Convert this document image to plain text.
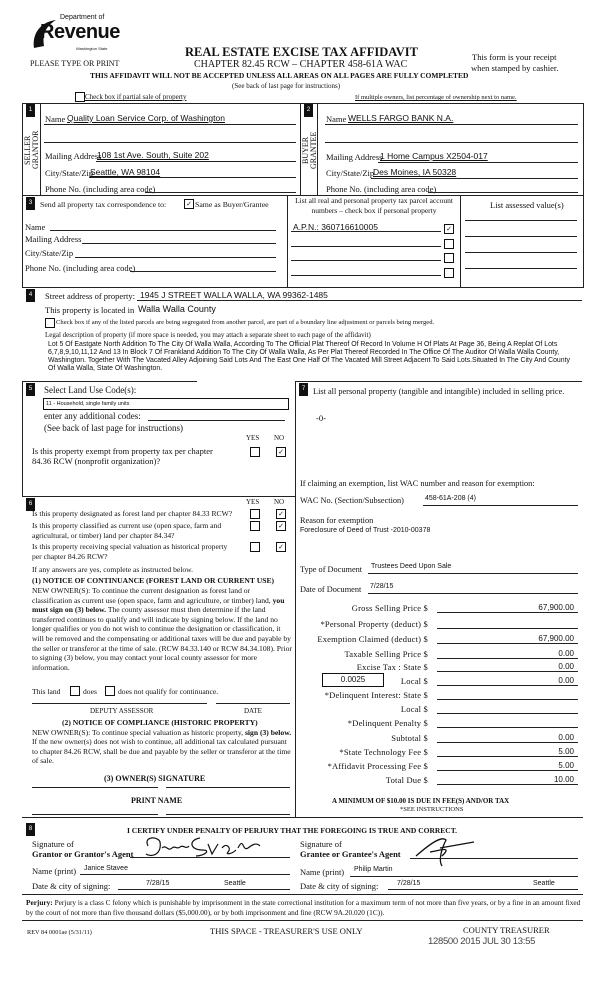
Department of
Revenue
Washington State
PLEASE TYPE OR PRINT
REAL ESTATE EXCISE TAX AFFIDAVIT
CHAPTER 82.45 RCW – CHAPTER 458-61A WAC
THIS AFFIDAVIT WILL NOT BE ACCEPTED UNLESS ALL AREAS ON ALL PAGES ARE FULLY COMPLETED
(See back of last page for instructions)
This form is your receipt
when stamped by cashier.
Check box if partial sale of property	If multiple owners, list percentage of ownership next to name.
1
SELLER
GRANTOR
Name Quality Loan Service Corp. of Washington
Mailing Address
108 1st Ave. South, Suite 202
City/State/Zip
Seattle, WA 98104
Phone No. (including area code)
2
BUYER
GRANTEE
Name WELLS FARGO BANK N.A.
Mailing Address
1 Home Campus X2504-017
City/State/Zip
Des Moines, IA 50328
Phone No. (including area code)
3	Send all property tax correspondence to:	✓ Same as Buyer/Grantee
Name
Mailing Address
City/State/Zip
Phone No. (including area code)
List all real and personal property tax parcel account
numbers – check box if personal property
List assessed value(s)
A.P.N.: 360716610005	✓
4	Street address of property: 1945 J STREET WALLA WALLA, WA 99362-1485
This property is located in Walla Walla County
Check box if any of the listed parcels are being segregated from another parcel, are part of a boundary line adjustment or parcels being merged.
Legal description of property (if more space is needed, you may attach a separate sheet to each page of the affidavit)
Lot 5 Of Eastgate North Addition To The City Of Walla Walla, According To The Official Plat Thereof Of Record In Volume H Of Plats At Page 36, Being A Replat Of Lots 6,7,8,9,10,11,12 And 13 In Block 7 Of Frankland Addition To The City Of Walla Walla, As Per Plat Thereof Recorded In The Office Of The Auditor Of Walla Walla County, Washington. Together With The Vacated Alley Adjoining Said Lots And The East One Half Of The Vacated Mill Street Adjacent To Said Lots.Situated In The City And County Of Walla Walla, State Of Washington.
5	Select Land Use Code(s):
11 - Household, single family units
enter any additional codes:
(See back of last page for instructions)
YES NO
Is this property exempt from property tax per chapter 84.36 RCW (nonprofit organization)?
✓
6	YES NO
Is this property designated as forest land per chapter 84.33 RCW?	✓
Is this property classified as current use (open space, farm and agricultural, or timber) land per chapter 84.34?
✓
Is this property receiving special valuation as historical property per chapter 84.26 RCW?
✓
If any answers are yes, complete as instructed below.
(1) NOTICE OF CONTINUANCE (FOREST LAND OR CURRENT USE)
NEW OWNER(S): To continue the current designation as forest land or classification as current use (open space, farm and agriculture, or timber) land, you must sign on (3) below. The county assessor must then determine if the land transferred continues to qualify and will indicate by signing below. If the land no longer qualifies or you do not wish to continue the designation or classification, it will be removed and the compensating or additional taxes will be due and payable by the seller or transferor at the time of sale. (RCW 84.33.140 or RCW 84.34.108). Prior to signing (3) below, you may contact your local county assessor for more information.
This land	does	does not qualify for continuance.
DEPUTY ASSESSOR	DATE
(2) NOTICE OF COMPLIANCE (HISTORIC PROPERTY)
NEW OWNER(S): To continue special valuation as historic property, sign (3) below. If the new owner(s) does not wish to continue, all additional tax calculated pursuant to chapter 84.26 RCW, shall be due and payable by the seller or transferor at the time of sale.
(3) OWNER(S) SIGNATURE
PRINT NAME
7 List all personal property (tangible and intangible) included in selling price.
-0-
If claiming an exemption, list WAC number and reason for exemption:
WAC No. (Section/Subsection)	458-61A-208 (4)
Reason for exemption
Foreclosure of Deed of Trust -2010-00378
Type of Document Trustees Deed Upon Sale
Date of Document 7/28/15
Gross Selling Price $	67,900.00
*Personal Property (deduct) $
Exemption Claimed (deduct) $	67,900.00
Taxable Selling Price $	0.00
Excise Tax : State $	0.00
Local $	0.00
*Delinquent Interest: State $
Local $
*Delinquent Penalty $
Subtotal $	0.00
*State Technology Fee $	5.00
*Affidavit Processing Fee $	5.00
Total Due $	10.00
0.0025
A MINIMUM OF $10.00 IS DUE IN FEE(S) AND/OR TAX
*SEE INSTRUCTIONS
8	I CERTIFY UNDER PENALTY OF PERJURY THAT THE FOREGOING IS TRUE AND CORRECT.
Signature of
Grantor or Grantor's Agent
Name (print) Janice Stavee
Date & city of signing:	7/28/15	Seattle
Signature of
Grantee or Grantee's Agent
Name (print) Philip Martin
Date & city of signing:	7/28/15	Seattle
Perjury: Perjury is a class C felony which is punishable by imprisonment in the state correctional institution for a maximum term of not more than five years, or by a fine in an amount fixed by the court of not more than five thousand dollars ($5,000.00), or by both imprisonment and fine (RCW 9A.20.020 (1C)).
REV 84 0001ae (5/31/11)	THIS SPACE - TREASURER'S USE ONLY	COUNTY TREASURER
128500 2015 JUL 30 13:55
